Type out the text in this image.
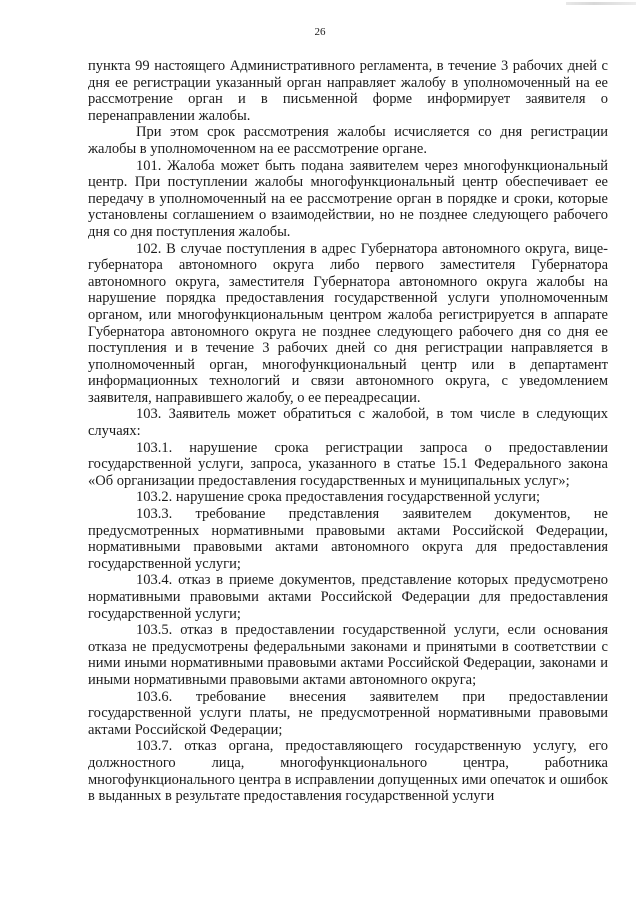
26

пункта 99 настоящего Административного регламента, в течение 3 рабочих дней с дня ее регистрации указанный орган направляет жалобу в уполномоченный на ее рассмотрение орган и в письменной форме информирует заявителя о перенаправлении жалобы.

При этом срок рассмотрения жалобы исчисляется со дня регистрации жалобы в уполномоченном на ее рассмотрение органе.

101. Жалоба может быть подана заявителем через многофункциональный центр. При поступлении жалобы многофункциональный центр обеспечивает ее передачу в уполномоченный на ее рассмотрение орган в порядке и сроки, которые установлены соглашением о взаимодействии, но не позднее следующего рабочего дня со дня поступления жалобы.

102. В случае поступления в адрес Губернатора автономного округа, вице-губернатора автономного округа либо первого заместителя Губернатора автономного округа, заместителя Губернатора автономного округа жалобы на нарушение порядка предоставления государственной услуги уполномоченным органом, или многофункциональным центром жалоба регистрируется в аппарате Губернатора автономного округа не позднее следующего рабочего дня со дня ее поступления и в течение 3 рабочих дней со дня регистрации направляется в уполномоченный орган, многофункциональный центр или в департамент информационных технологий и связи автономного округа, с уведомлением заявителя, направившего жалобу, о ее переадресации.

103. Заявитель может обратиться с жалобой, в том числе в следующих случаях:

103.1. нарушение срока регистрации запроса о предоставлении государственной услуги, запроса, указанного в статье 15.1 Федерального закона «Об организации предоставления государственных и муниципальных услуг»;

103.2. нарушение срока предоставления государственной услуги;

103.3. требование представления заявителем документов, не предусмотренных нормативными правовыми актами Российской Федерации, нормативными правовыми актами автономного округа для предоставления государственной услуги;

103.4. отказ в приеме документов, представление которых предусмотрено нормативными правовыми актами Российской Федерации для предоставления государственной услуги;

103.5. отказ в предоставлении государственной услуги, если основания отказа не предусмотрены федеральными законами и принятыми в соответствии с ними иными нормативными правовыми актами Российской Федерации, законами и иными нормативными правовыми актами автономного округа;

103.6. требование внесения заявителем при предоставлении государственной услуги платы, не предусмотренной нормативными правовыми актами Российской Федерации;

103.7. отказ органа, предоставляющего государственную услугу, его должностного лица, многофункционального центра, работника многофункционального центра в исправлении допущенных ими опечаток и ошибок в выданных в результате предоставления государственной услуги
